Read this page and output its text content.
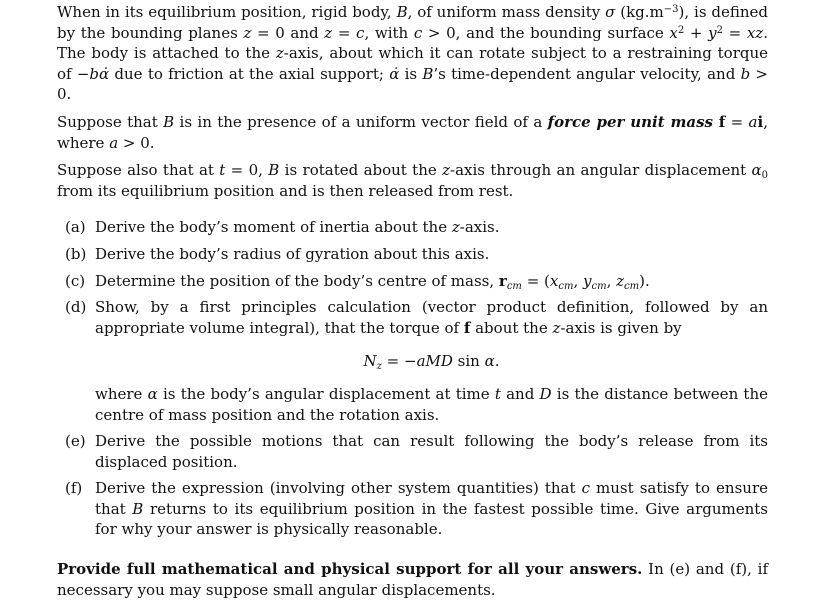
When in its equilibrium position, rigid body, B, of uniform mass density σ $(kg.m^{-3})$, is defined by the bounding planes z = 0 and z = c, with c > 0, and the bounding surface $x^2 + y^2$ = xz. The body is attached to the z-axis, about which it can rotate subject to a restraining torque of −bα̇ due to friction at the axial support; α̇ is B’s time-dependent angular velocity, and b > 0.

Suppose that B is in the presence of a uniform vector field of a force per unit mass f = ai, where a > 0.

Suppose also that at t = 0, B is rotated about the z-axis through an angular displacement $\alpha_0$ from its equilibrium position and is then released from rest.

(a) Derive the body’s moment of inertia about the z-axis.
(b) Derive the body’s radius of gyration about this axis.
(c) Determine the position of the body’s centre of mass, $r_{cm} = (x_{cm}$, $y_{cm}$, $z_{cm}$).
(d) Show, by a first principles calculation (vector product definition, followed by an appropriate volume integral), that the torque of f about the z-axis is given by
$N_z = -aMD$ sin α.
where α is the body’s angular displacement at time t and D is the distance between the centre of mass position and the rotation axis.
(e) Derive the possible motions that can result following the body’s release from its displaced position.
(f) Derive the expression (involving other system quantities) that c must satisfy to ensure that B returns to its equilibrium position in the fastest possible time. Give arguments for why your answer is physically reasonable.

Provide full mathematical and physical support for all your answers. In (e) and (f), if necessary you may suppose small angular displacements.
